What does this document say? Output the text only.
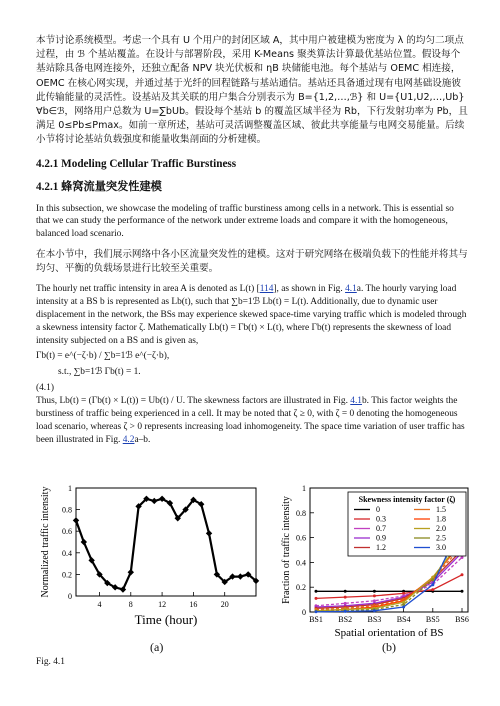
本节讨论系统模型。考虑一个具有 U 个用户的封闭区域 A，其中用户被建模为密度为 λ 的均匀二项点过程，由 ℬ 个基站覆盖。在设计与部署阶段，采用 K-Means 聚类算法计算最优基站位置。假设每个基站除具备电网连接外，还独立配备 NPV 块光伏板和 ηB 块储能电池。每个基站与 OEMC 相连接，OEMC 在核心网实现，并通过基于光纤的回程链路与基站通信。基站还具备通过现有电网基础设施彼此传输能量的灵活性。设基站及其关联的用户集合分别表示为 B={1,2,…,ℬ} 和 U={U1,U2,…,Ub}∀b∈ℬ，网络用户总数为 U=∑bUb。假设每个基站 b 的覆盖区域半径为 Rb，下行发射功率为 Pb，且满足 0≤Pb≤Pmax。如前一章所述，基站可灵活调整覆盖区域、彼此共享能量与电网交易能量。后续小节将讨论基站负载强度和能量收集剖面的分析建模。

4.2.1 Modeling Cellular Traffic Burstiness

4.2.1 蜂窝流量突发性建模

In this subsection, we showcase the modeling of traffic burstiness among cells in a network. This is essential so that we can study the performance of the network under extreme loads and compare it with the homogeneous, balanced load scenario.

在本小节中，我们展示网络中各小区流量突发性的建模。这对于研究网络在极端负载下的性能并将其与均匀、平衡的负载场景进行比较至关重要。

The hourly net traffic intensity in area A is denoted as L(t) [114], as shown in Fig. 4.1a. The hourly varying load intensity at a BS b is represented as Lb(t), such that ∑b=1ℬ Lb(t) = L(t). Additionally, due to dynamic user displacement in the network, the BSs may experience skewed space-time varying traffic which is modeled through a skewness intensity factor ζ. Mathematically Lb(t) = Γb(t) × L(t), where Γb(t) represents the skewness of load intensity subjected on a BS and is given as,

Γb(t) = e^(−ζ·b) / ∑b=1ℬ e^(−ζ·b),

s.t., ∑b=1ℬ Γb(t) = 1.

(4.1)

Thus, Lb(t) = (Γb(t) × L(t)) = Ub(t) / U. The skewness factors are illustrated in Fig. 4.1b. This factor weights the burstiness of traffic being experienced in a cell. It may be noted that ζ ≥ 0, with ζ = 0 denoting the homogeneous load scenario, whereas ζ > 0 represents increasing load inhomogeneity. The space time variation of user traffic has been illustrated in Fig. 4.2a–b.

0
0.2
0.4
0.6
0.8
1
4	8	12	16	20
Time (hour)
Normalized traffic intensity
0
0.2
0.4
0.6
0.8
1
BS1 BS2 BS3 BS4 BS5 BS6
Skewness intensity factor (ζ)
0
0.3
0.7
0.9
1.2
1.5
1.8
2.0
2.5
3.0
Spatial orientation of BS
Fraction of traffic intensity
(a)	(b)
Fig. 4.1
